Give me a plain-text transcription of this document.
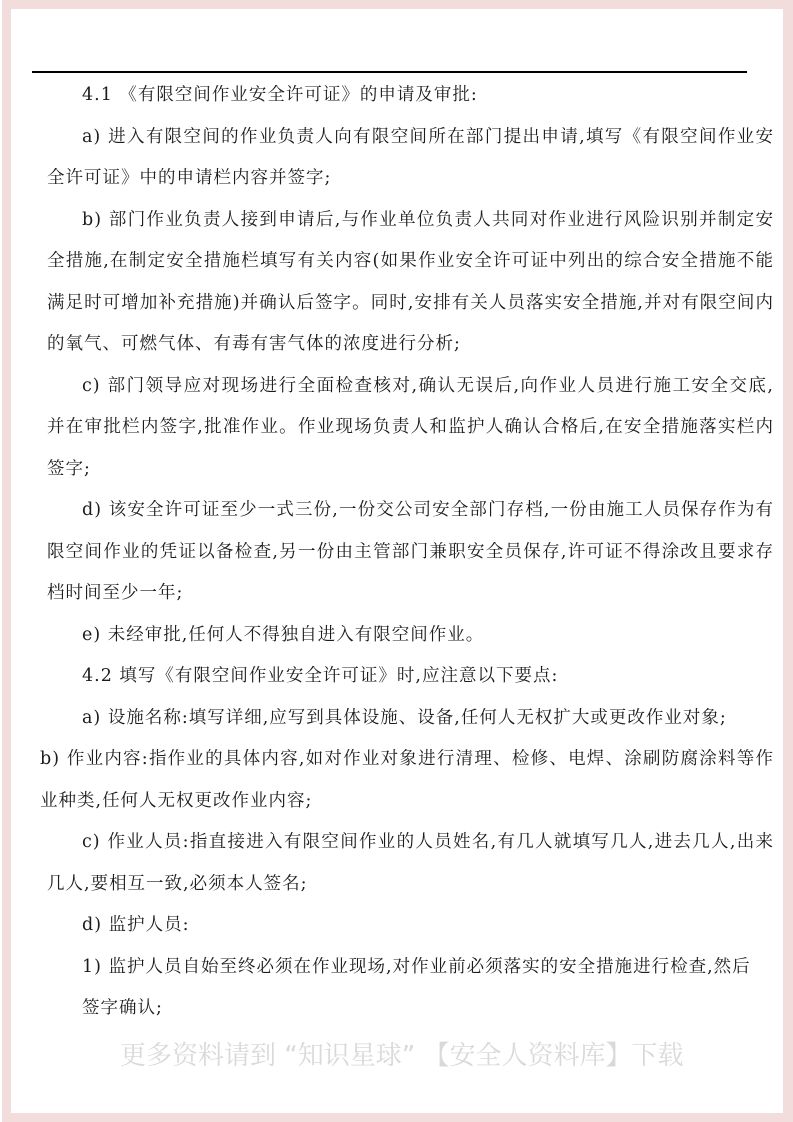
更多资料请到 “知识星球” 【安全人资料库】下载

4.1 《有限空间作业安全许可证》的申请及审批:

a) 进入有限空间的作业负责人向有限空间所在部门提出申请,填写《有限空间作业安全许可证》中的申请栏内容并签字;

b) 部门作业负责人接到申请后,与作业单位负责人共同对作业进行风险识别并制定安全措施,在制定安全措施栏填写有关内容(如果作业安全许可证中列出的综合安全措施不能满足时可增加补充措施)并确认后签字。同时,安排有关人员落实安全措施,并对有限空间内的氧气、可燃气体、有毒有害气体的浓度进行分析;

c) 部门领导应对现场进行全面检查核对,确认无误后,向作业人员进行施工安全交底,并在审批栏内签字,批准作业。作业现场负责人和监护人确认合格后,在安全措施落实栏内签字;

d) 该安全许可证至少一式三份,一份交公司安全部门存档,一份由施工人员保存作为有限空间作业的凭证以备检查,另一份由主管部门兼职安全员保存,许可证不得涂改且要求存档时间至少一年;

e) 未经审批,任何人不得独自进入有限空间作业。

4.2 填写《有限空间作业安全许可证》时,应注意以下要点:

a) 设施名称:填写详细,应写到具体设施、设备,任何人无权扩大或更改作业对象;

b) 作业内容:指作业的具体内容,如对作业对象进行清理、检修、电焊、涂刷防腐涂料等作业种类,任何人无权更改作业内容;

c) 作业人员:指直接进入有限空间作业的人员姓名,有几人就填写几人,进去几人,出来几人,要相互一致,必须本人签名;

d) 监护人员:

1) 监护人员自始至终必须在作业现场,对作业前必须落实的安全措施进行检查,然后

签字确认;
